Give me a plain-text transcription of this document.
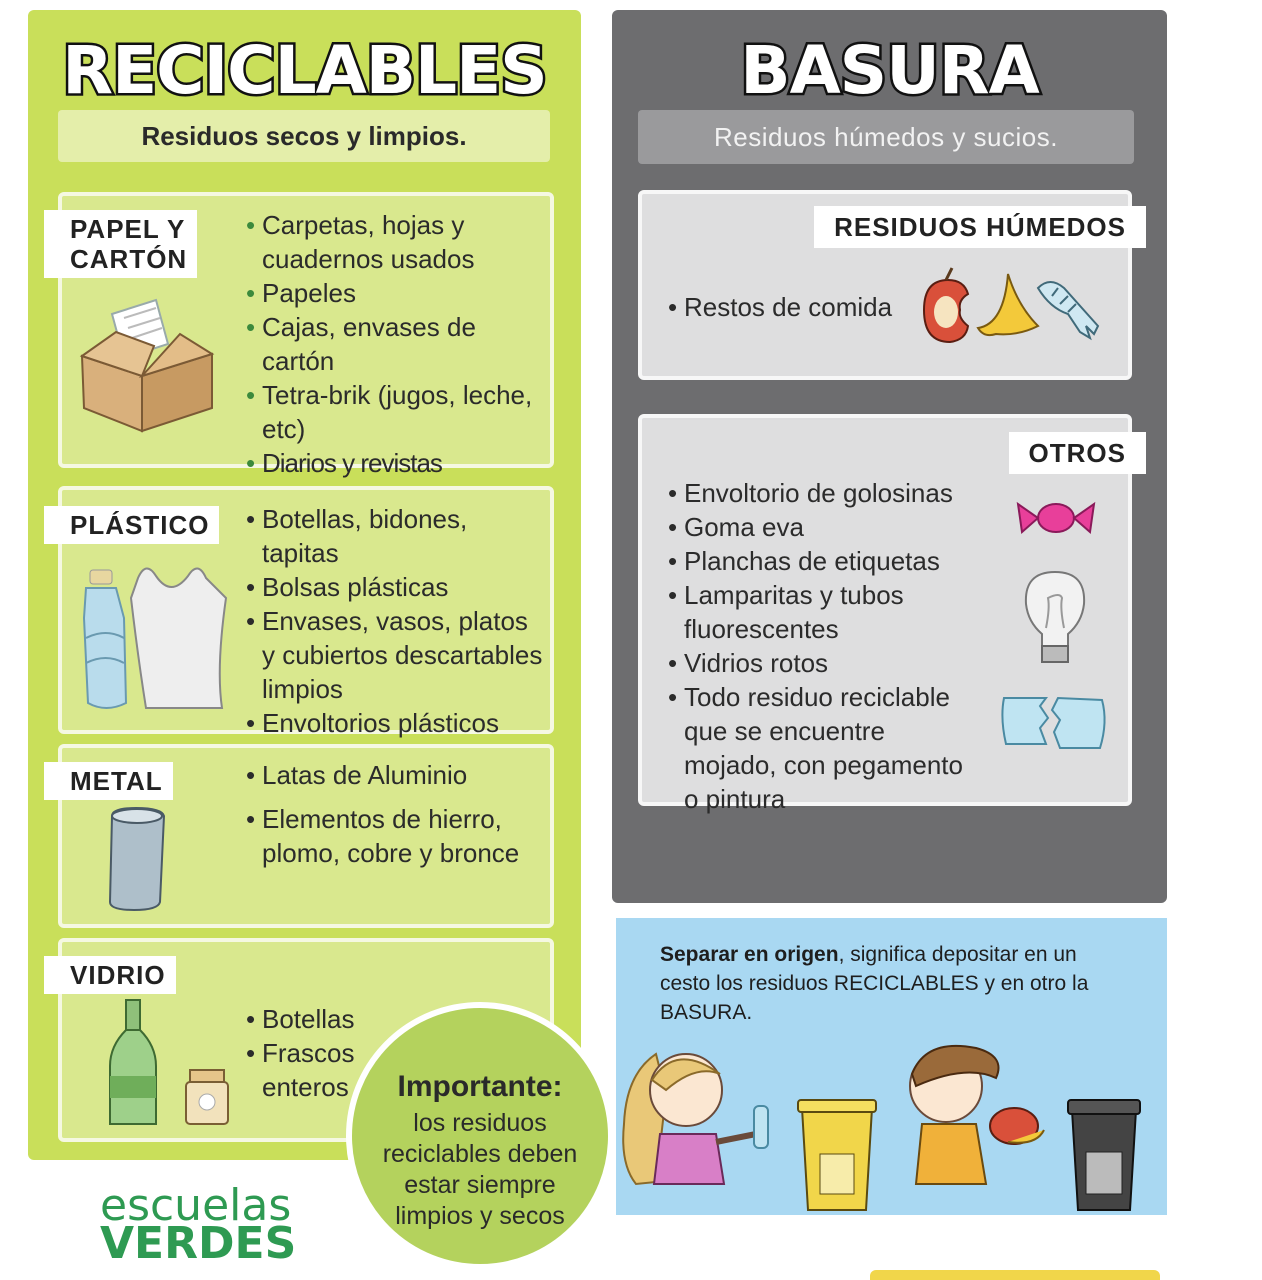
RECICLABLES
Residuos secos y limpios.
PAPEL Y
CARTÓN
• Carpetas, hojas y cuadernos usados
• Papeles
• Cajas, envases de cartón
• Tetra-brik (jugos, leche, etc)
• Diarios y revistas
PLÁSTICO	• Botellas, bidones, tapitas
• Bolsas plásticas
• Envases, vasos, platos y cubiertos descartables limpios
• Envoltorios plásticos
METAL	• Latas de Aluminio
• Elementos de hierro, plomo, cobre y bronce
VIDRIO
• Botellas
• Frascos enteros
BASURA
Residuos húmedos y sucios.
RESIDUOS HÚMEDOS
• Restos de comida
OTROS
• Envoltorio de golosinas
• Goma eva
• Planchas de etiquetas
• Lamparitas y tubos fluorescentes
• Vidrios rotos
• Todo residuo reciclable que se encuentre mojado, con pegamento o pintura
Separar en origen, significa depositar en un cesto los residuos RECICLABLES y en otro la BASURA.
Importante:
los residuos reciclables deben estar siempre limpios y secos
escuelas
VERDES
